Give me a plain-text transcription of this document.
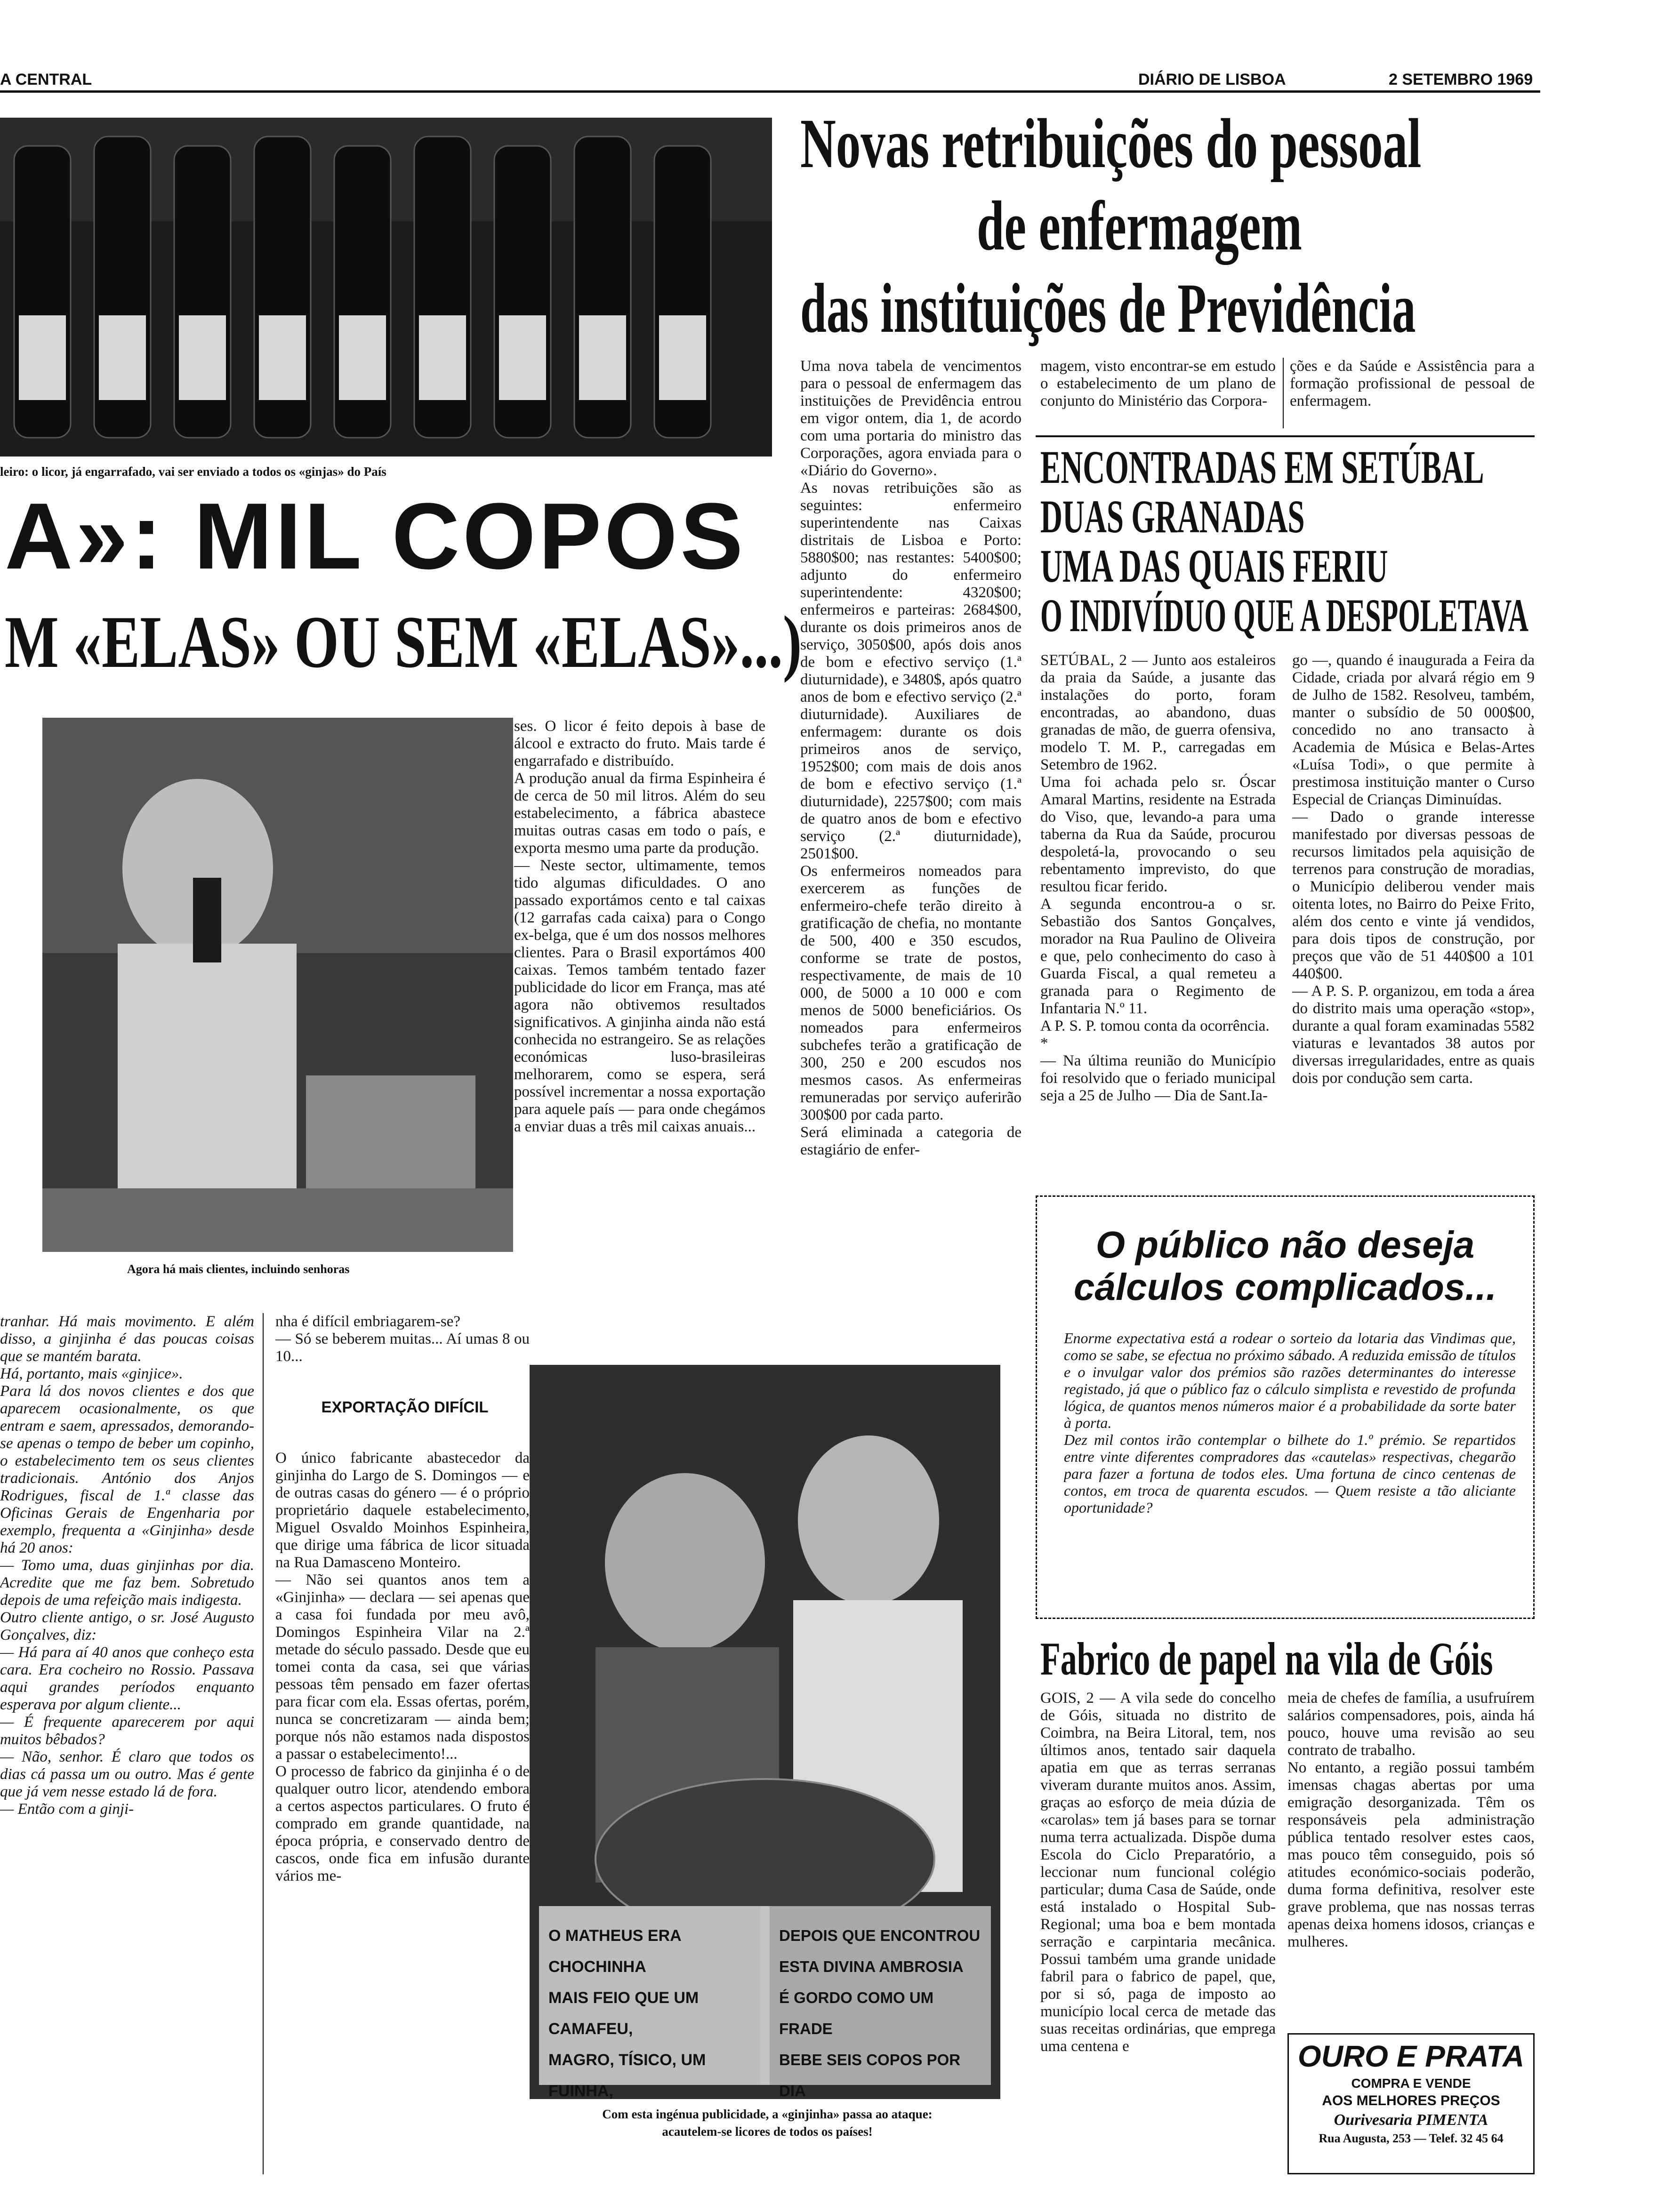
A CENTRAL	DIÁRIO DE LISBOA	2 SETEMBRO 1969
leiro: o licor, já engarrafado, vai ser enviado a todos os «ginjas» do País
A»: MIL COPOS
M «ELAS» OU SEM «ELAS»...)
Agora há mais clientes, incluindo senhoras
ses. O licor é feito depois à base de álcool e extracto do fruto. Mais tarde é engarrafado e distribuído.
A produção anual da firma Espinheira é de cerca de 50 mil litros. Além do seu estabelecimento, a fábrica abastece muitas outras casas em todo o país, e exporta mesmo uma parte da produção.
— Neste sector, ultimamente, temos tido algumas dificuldades. O ano passado exportámos cento e tal caixas (12 garrafas cada caixa) para o Congo ex-belga, que é um dos nossos melhores clientes. Para o Brasil exportámos 400 caixas. Temos também tentado fazer publicidade do licor em França, mas até agora não obtivemos resultados significativos. A ginjinha ainda não está conhecida no estrangeiro. Se as relações económicas luso-brasileiras melhorarem, como se espera, será possível incrementar a nossa exportação para aquele país — para onde chegámos a enviar duas a três mil caixas anuais...
tranhar. Há mais movimento. E além disso, a ginjinha é das poucas coisas que se mantém barata.
Há, portanto, mais «ginjice».
Para lá dos novos clientes e dos que aparecem ocasionalmente, os que entram e saem, apressados, demorando-se apenas o tempo de beber um copinho, o estabelecimento tem os seus clientes tradicionais. António dos Anjos Rodrigues, fiscal de 1.ª classe das Oficinas Gerais de Engenharia por exemplo, frequenta a «Ginjinha» desde há 20 anos:
— Tomo uma, duas ginjinhas por dia. Acredite que me faz bem. Sobretudo depois de uma refeição mais indigesta.
Outro cliente antigo, o sr. José Augusto Gonçalves, diz:
— Há para aí 40 anos que conheço esta cara. Era cocheiro no Rossio. Passava aqui grandes períodos enquanto esperava por algum cliente...
— É frequente aparecerem por aqui muitos bêbados?
— Não, senhor. É claro que todos os dias cá passa um ou outro. Mas é gente que já vem nesse estado lá de fora.
— Então com a ginji-
nha é difícil embriagarem-se?
— Só se beberem muitas... Aí umas 8 ou 10...
EXPORTAÇÃO DIFÍCIL
O único fabricante abastecedor da ginjinha do Largo de S. Domingos — e de outras casas do género — é o próprio proprietário daquele estabelecimento, Miguel Osvaldo Moinhos Espinheira, que dirige uma fábrica de licor situada na Rua Damasceno Monteiro.
— Não sei quantos anos tem a «Ginjinha» — declara — sei apenas que a casa foi fundada por meu avô, Domingos Espinheira Vilar na 2.ª metade do século passado. Desde que eu tomei conta da casa, sei que várias pessoas têm pensado em fazer ofertas para ficar com ela. Essas ofertas, porém, nunca se concretizaram — ainda bem; porque nós não estamos nada dispostos a passar o estabelecimento!...
O processo de fabrico da ginjinha é o de qualquer outro licor, atendendo embora a certos aspectos particulares. O fruto é comprado em grande quantidade, na época própria, e conservado dentro de cascos, onde fica em infusão durante vários me-
O MATHEUS ERA CHOCHINHA
MAIS FEIO QUE UM CAMAFEU,
MAGRO, TÍSICO, UM FUINHA,
DEPOIS QUE ENCONTROU
ESTA DIVINA AMBROSIA
É GORDO COMO UM FRADE
BEBE SEIS COPOS POR DIA
Com esta ingénua publicidade, a «ginjinha» passa ao ataque:
acautelem-se licores de todos os países!
Novas retribuições do pessoal
de enfermagem
das instituições de Previdência
Uma nova tabela de vencimentos para o pessoal de enfermagem das instituições de Previdência entrou em vigor ontem, dia 1, de acordo com uma portaria do ministro das Corporações, agora enviada para o «Diário do Governo».
As novas retribuições são as seguintes: enfermeiro superintendente nas Caixas distritais de Lisboa e Porto: 5880$00; nas restantes: 5400$00; adjunto do enfermeiro superintendente: 4320$00; enfermeiros e parteiras: 2684$00, durante os dois primeiros anos de serviço, 3050$00, após dois anos de bom e efectivo serviço (1.ª diuturnidade), e 3480$, após quatro anos de bom e efectivo serviço (2.ª diuturnidade). Auxiliares de enfermagem: durante os dois primeiros anos de serviço, 1952$00; com mais de dois anos de bom e efectivo serviço (1.ª diuturnidade), 2257$00; com mais de quatro anos de bom e efectivo serviço (2.ª diuturnidade), 2501$00.
Os enfermeiros nomeados para exercerem as funções de enfermeiro-chefe terão direito à gratificação de chefia, no montante de 500, 400 e 350 escudos, conforme se trate de postos, respectivamente, de mais de 10 000, de 5000 a 10 000 e com menos de 5000 beneficiários. Os nomeados para enfermeiros subchefes terão a gratificação de 300, 250 e 200 escudos nos mesmos casos. As enfermeiras remuneradas por serviço auferirão 300$00 por cada parto.
Será eliminada a categoria de estagiário de enfer-
magem, visto encontrar-se em estudo o estabelecimento de um plano de conjunto do Ministério das Corpora-
ções e da Saúde e Assistência para a formação profissional de pessoal de enfermagem.
ENCONTRADAS EM SETÚBAL
DUAS GRANADAS
UMA DAS QUAIS FERIU
O INDIVÍDUO QUE A DESPOLETAVA
SETÚBAL, 2 — Junto aos estaleiros da praia da Saúde, a jusante das instalações do porto, foram encontradas, ao abandono, duas granadas de mão, de guerra ofensiva, modelo T. M. P., carregadas em Setembro de 1962.
Uma foi achada pelo sr. Óscar Amaral Martins, residente na Estrada do Viso, que, levando-a para uma taberna da Rua da Saúde, procurou despoletá-la, provocando o seu rebentamento imprevisto, do que resultou ficar ferido.
A segunda encontrou-a o sr. Sebastião dos Santos Gonçalves, morador na Rua Paulino de Oliveira e que, pelo conhecimento do caso à Guarda Fiscal, a qual remeteu a granada para o Regimento de Infantaria N.º 11.
A P. S. P. tomou conta da ocorrência.
*
— Na última reunião do Município foi resolvido que o feriado municipal seja a 25 de Julho — Dia de Sant.Ia-
go —, quando é inaugurada a Feira da Cidade, criada por alvará régio em 9 de Julho de 1582. Resolveu, também, manter o subsídio de 50 000$00, concedido no ano transacto à Academia de Música e Belas-Artes «Luísa Todi», o que permite à prestimosa instituição manter o Curso Especial de Crianças Diminuídas.
— Dado o grande interesse manifestado por diversas pessoas de recursos limitados pela aquisição de terrenos para construção de moradias, o Município deliberou vender mais oitenta lotes, no Bairro do Peixe Frito, além dos cento e vinte já vendidos, para dois tipos de construção, por preços que vão de 51 440$00 a 101 440$00.
— A P. S. P. organizou, em toda a área do distrito mais uma operação «stop», durante a qual foram examinadas 5582 viaturas e levantados 38 autos por diversas irregularidades, entre as quais dois por condução sem carta.
O público não deseja
cálculos complicados...
Enorme expectativa está a rodear o sorteio da lotaria das Vindimas que, como se sabe, se efectua no próximo sábado. A reduzida emissão de títulos e o invulgar valor dos prémios são razões determinantes do interesse registado, já que o público faz o cálculo simplista e revestido de profunda lógica, de quantos menos números maior é a probabilidade da sorte bater à porta.
Dez mil contos irão contemplar o bilhete do 1.º prémio. Se repartidos entre vinte diferentes compradores das «cautelas» respectivas, chegarão para fazer a fortuna de todos eles. Uma fortuna de cinco centenas de contos, em troca de quarenta escudos. — Quem resiste a tão aliciante oportunidade?
Fabrico de papel na vila de Góis
GOIS, 2 — A vila sede do concelho de Góis, situada no distrito de Coimbra, na Beira Litoral, tem, nos últimos anos, tentado sair daquela apatia em que as terras serranas viveram durante muitos anos. Assim, graças ao esforço de meia dúzia de «carolas» tem já bases para se tornar numa terra actualizada. Dispõe duma Escola do Ciclo Preparatório, a leccionar num funcional colégio particular; duma Casa de Saúde, onde está instalado o Hospital Sub-Regional; uma boa e bem montada serração e carpintaria mecânica. Possui também uma grande unidade fabril para o fabrico de papel, que, por si só, paga de imposto ao município local cerca de metade das suas receitas ordinárias, que emprega uma centena e
meia de chefes de família, a usufruírem salários compensadores, pois, ainda há pouco, houve uma revisão ao seu contrato de trabalho.
No entanto, a região possui também imensas chagas abertas por uma emigração desorganizada. Têm os responsáveis pela administração pública tentado resolver estes caos, mas pouco têm conseguido, pois só atitudes económico-sociais poderão, duma forma definitiva, resolver este grave problema, que nas nossas terras apenas deixa homens idosos, crianças e mulheres.
OURO E PRATA
COMPRA E VENDE
AOS MELHORES PREÇOS
Ourivesaria PIMENTA
Rua Augusta, 253 — Telef. 32 45 64
